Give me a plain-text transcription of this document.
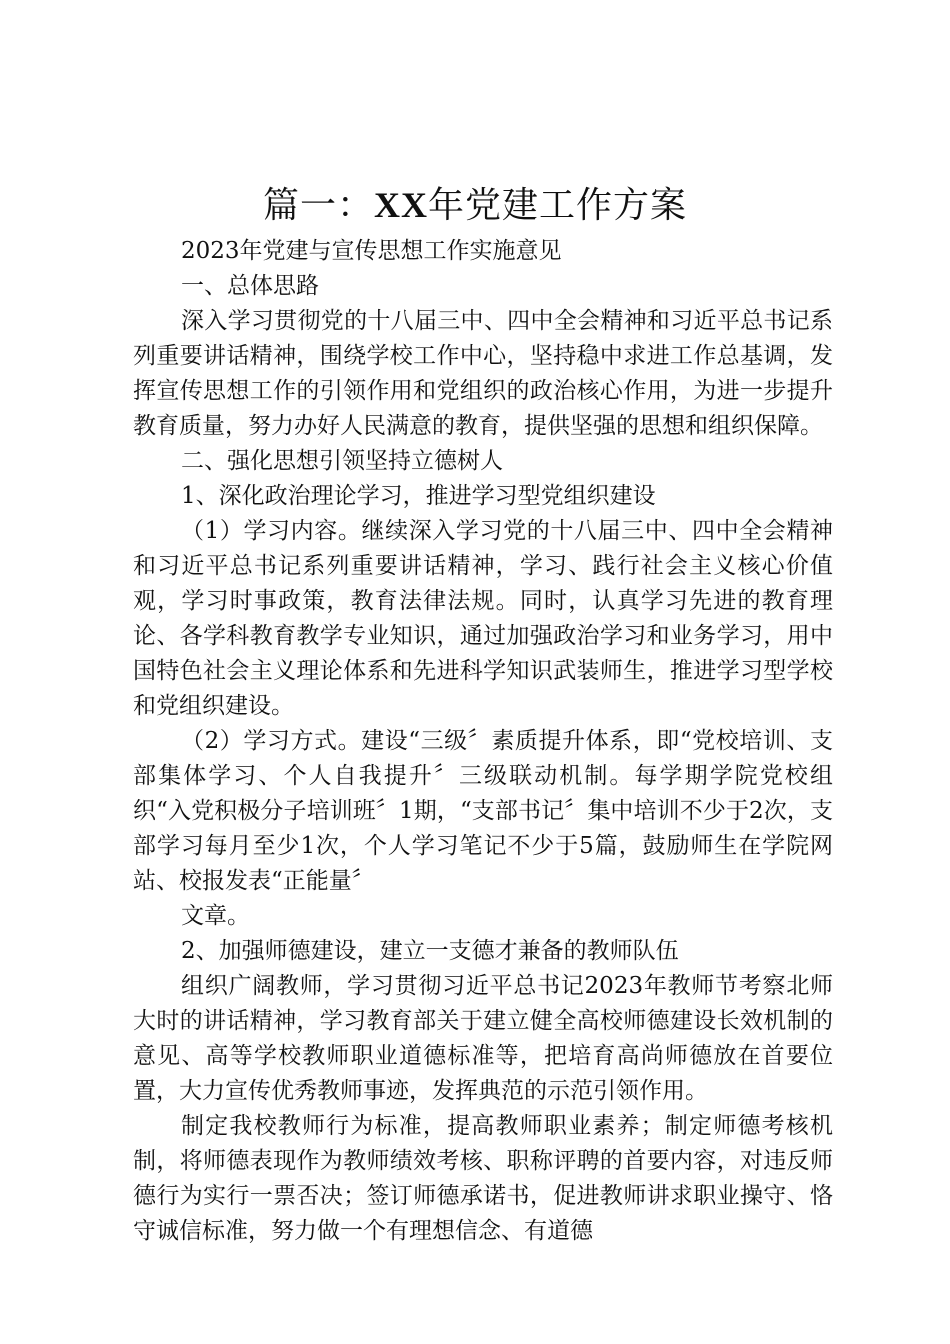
篇一：XX年党建工作方案

2023年党建与宣传思想工作实施意见

一、总体思路

深入学习贯彻党的十八届三中、四中全会精神和习近平总书记系列重要讲话精神，围绕学校工作中心，坚持稳中求进工作总基调，发挥宣传思想工作的引领作用和党组织的政治核心作用，为进一步提升教育质量，努力办好人民满意的教育，提供坚强的思想和组织保障。

二、强化思想引领坚持立德树人

1、深化政治理论学习，推进学习型党组织建设

（1）学习内容。继续深入学习党的十八届三中、四中全会精神和习近平总书记系列重要讲话精神，学习、践行社会主义核心价值观，学习时事政策，教育法律法规。同时，认真学习先进的教育理论、各学科教育教学专业知识，通过加强政治学习和业务学习，用中国特色社会主义理论体系和先进科学知识武装师生，推进学习型学校和党组织建设。

（2）学习方式。建设“三级〞素质提升体系，即“党校培训、支部集体学习、个人自我提升〞三级联动机制。每学期学院党校组织“入党积极分子培训班〞1期，“支部书记〞集中培训不少于2次，支部学习每月至少1次，个人学习笔记不少于5篇，鼓励师生在学院网站、校报发表“正能量〞

文章。

2、加强师德建设，建立一支德才兼备的教师队伍

组织广阔教师，学习贯彻习近平总书记2023年教师节考察北师大时的讲话精神，学习教育部关于建立健全高校师德建设长效机制的意见、高等学校教师职业道德标准等，把培育高尚师德放在首要位置，大力宣传优秀教师事迹，发挥典范的示范引领作用。

制定我校教师行为标准，提高教师职业素养；制定师德考核机制，将师德表现作为教师绩效考核、职称评聘的首要内容，对违反师德行为实行一票否决；签订师德承诺书，促进教师讲求职业操守、恪守诚信标准，努力做一个有理想信念、有道德
